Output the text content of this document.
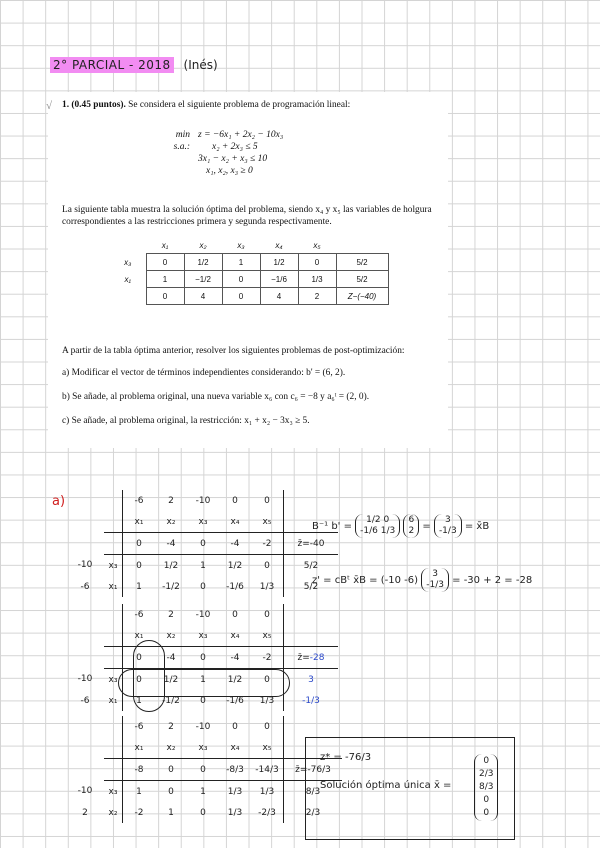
2° PARCIAL - 2018 (Inés)
√ 1. (0.45 puntos). Se considera el siguiente problema de programación lineal:
min z = −6x₁ + 2x₂ − 10x₃
s.a.: x₂ + 2x₃ ≤ 5
3x₁ − x₂ + x₃ ≤ 10
x₁, x₂, x₃ ≥ 0
La siguiente tabla muestra la solución óptima del problema, siendo x₄ y x₅ las variables de holgura correspondientes a las restricciones primera y segunda respectivamente.
	x₁	x₂	x₃	x₄	x₅	
x₃	0	1/2	1	1/2	0	5/2
x₁	1	−1/2	0	−1/6	1/3	5/2
	0	4	0	4	2	Z−(−40)
A partir de la tabla óptima anterior, resolver los siguientes problemas de post-optimización:
a) Modificar el vector de términos independientes considerando: b' = (6, 2).
b) Se añade, al problema original, una nueva variable x₆ con c₆ = −8 y a₆ᵗ = (2, 0).
c) Se añade, al problema original, la restricción: x₁ + x₂ − 3x₃ ≥ 5.
a)
			-6	2	-10	0	0	
		x₁	x₂	x₃	x₄	x₅	
		0	-4	0	-4	-2	z̄=-40
-10	x₃	0	1/2	1	1/2	0	5/2
-6	x₁	1	-1/2	0	-1/6	1/3	5/2
B⁻¹ b' =
1/2 0
-1/6 1/3

6
2 =
3
-1/3 = x̄B
z' = cBᵗ x̄B = (-10 -6)
3
-1/3 = -30 + 2 = -28
		-6	2	-10	0	0	
		x₁	x₂	x₃	x₄	x₅	
		0	-4	0	-4	-2	z̄=-28
-10	x₃	0	1/2	1	1/2	0	3
-6	x₁	1	-1/2	0	-1/6	1/3	-1/3
		-6	2	-10	0	0	
		x₁	x₂	x₃	x₄	x₅	
		-8	0	0	-8/3	-14/3	z̄=-76/3
-10	x₃	1	0	1	1/3	1/3	8/3
2	x₂	-2	1	0	1/3	-2/3	2/3
z* = -76/3
Solución óptima única x̄ =
0
2/3
8/3
0
0
